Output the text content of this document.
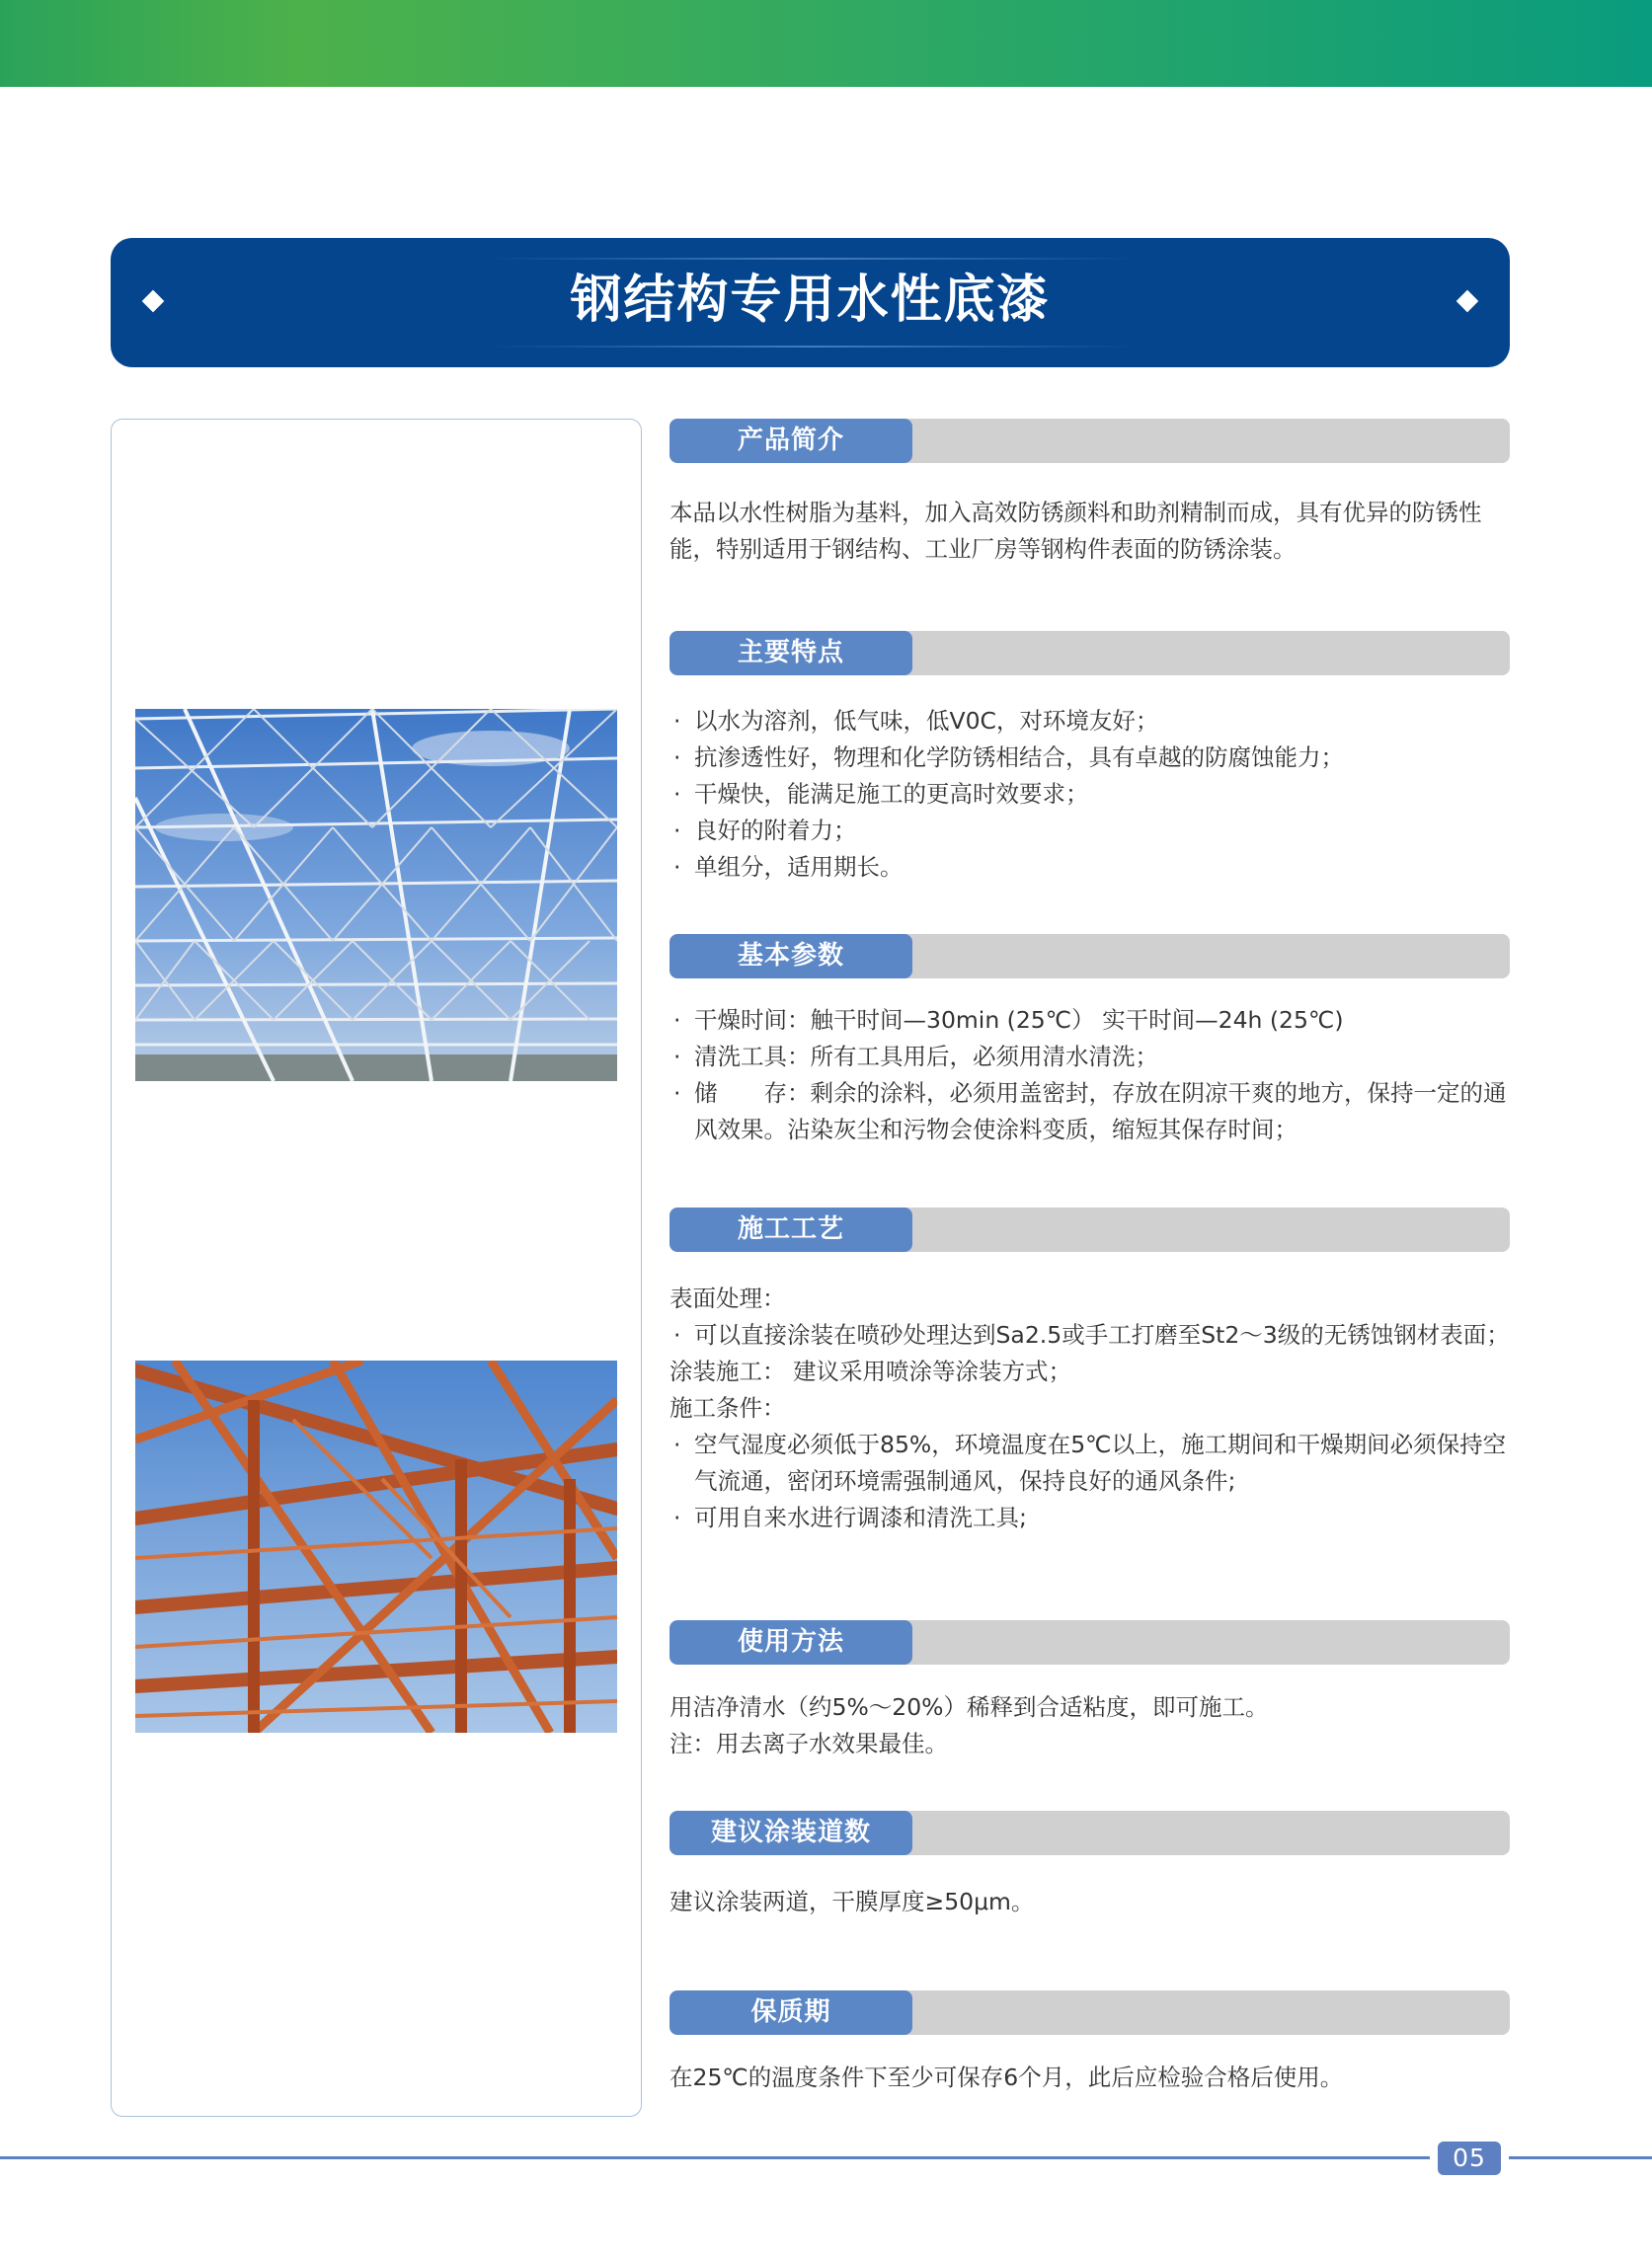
钢结构专用水性底漆
产品简介

本品以水性树脂为基料，加入高效防锈颜料和助剂精制而成，具有优异的防锈性能，特别适用于钢结构、工业厂房等钢构件表面的防锈涂装。

主要特点

· 以水为溶剂，低气味，低V0C，对环境友好；

· 抗渗透性好，物理和化学防锈相结合，具有卓越的防腐蚀能力；

· 干燥快，能满足施工的更高时效要求；

· 良好的附着力；

· 单组分，适用期长。

基本参数

· 干燥时间：触干时间—30min (25℃） 实干时间—24h (25℃)

· 清洗工具：所有工具用后，必须用清水清洗；

· 储　　存：剩余的涂料，必须用盖密封，存放在阴凉干爽的地方，保持一定的通风效果。沾染灰尘和污物会使涂料变质，缩短其保存时间；

施工工艺

表面处理：

· 可以直接涂装在喷砂处理达到Sa2.5或手工打磨至St2～3级的无锈蚀钢材表面；

涂装施工： 建议采用喷涂等涂装方式；

施工条件：

· 空气湿度必须低于85%，环境温度在5℃以上，施工期间和干燥期间必须保持空气流通，密闭环境需强制通风，保持良好的通风条件;

· 可用自来水进行调漆和清洗工具;

使用方法

用洁净清水（约5%～20%）稀释到合适粘度，即可施工。

注：用去离子水效果最佳。

建议涂装道数

建议涂装两道，干膜厚度≥50μm。

保质期

在25℃的温度条件下至少可保存6个月，此后应检验合格后使用。

05
